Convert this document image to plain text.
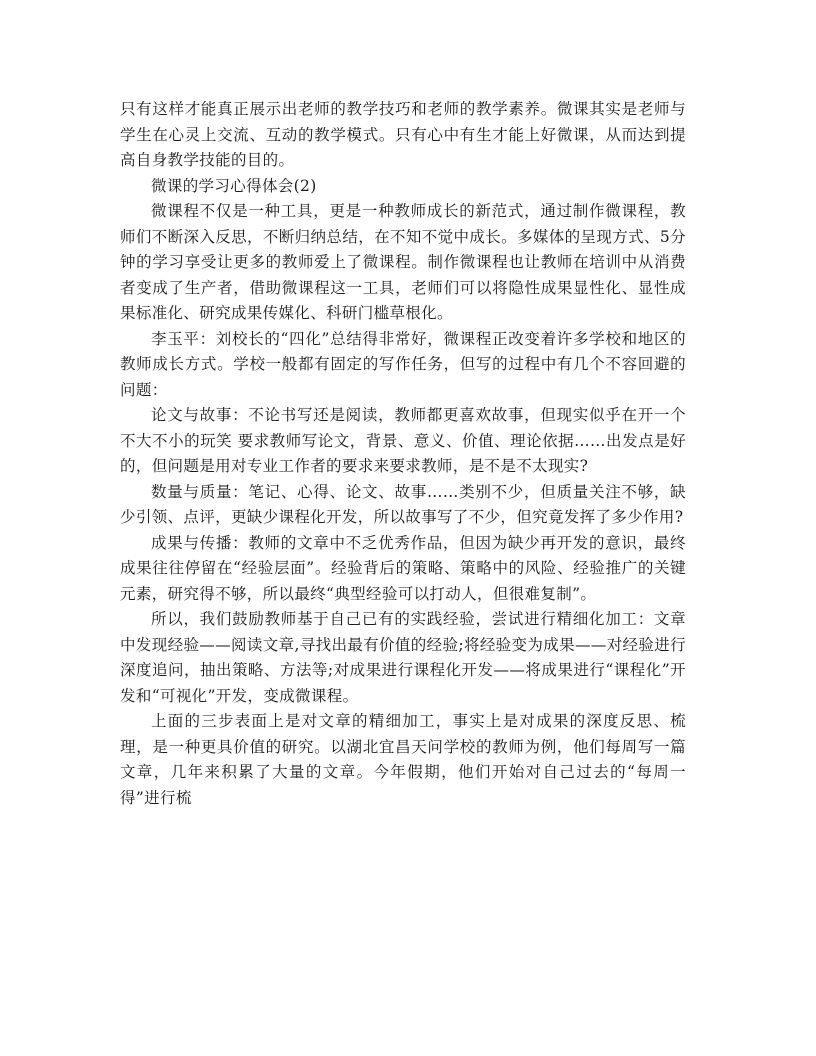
只有这样才能真正展示出老师的教学技巧和老师的教学素养。微课其实是老师与学生在心灵上交流、互动的教学模式。只有心中有生才能上好微课，从而达到提高自身教学技能的目的。

微课的学习心得体会(2)

微课程不仅是一种工具，更是一种教师成长的新范式，通过制作微课程，教师们不断深入反思，不断归纳总结，在不知不觉中成长。多媒体的呈现方式、5分钟的学习享受让更多的教师爱上了微课程。制作微课程也让教师在培训中从消费者变成了生产者，借助微课程这一工具，老师们可以将隐性成果显性化、显性成果标准化、研究成果传媒化、科研门槛草根化。

李玉平：刘校长的“四化”总结得非常好，微课程正改变着许多学校和地区的教师成长方式。学校一般都有固定的写作任务，但写的过程中有几个不容回避的问题：

论文与故事：不论书写还是阅读，教师都更喜欢故事，但现实似乎在开一个不大不小的玩笑 要求教师写论文，背景、意义、价值、理论依据……出发点是好的，但问题是用对专业工作者的要求来要求教师，是不是不太现实?

数量与质量：笔记、心得、论文、故事……类别不少，但质量关注不够，缺少引领、点评，更缺少课程化开发，所以故事写了不少，但究竟发挥了多少作用?

成果与传播：教师的文章中不乏优秀作品，但因为缺少再开发的意识，最终成果往往停留在“经验层面”。经验背后的策略、策略中的风险、经验推广的关键元素，研究得不够，所以最终“典型经验可以打动人，但很难复制”。

所以，我们鼓励教师基于自己已有的实践经验，尝试进行精细化加工：文章中发现经验——阅读文章,寻找出最有价值的经验;将经验变为成果——对经验进行深度追问，抽出策略、方法等;对成果进行课程化开发——将成果进行“课程化”开发和“可视化”开发，变成微课程。

上面的三步表面上是对文章的精细加工，事实上是对成果的深度反思、梳理，是一种更具价值的研究。以湖北宜昌天问学校的教师为例，他们每周写一篇文章，几年来积累了大量的文章。今年假期，他们开始对自己过去的“每周一得”进行梳
